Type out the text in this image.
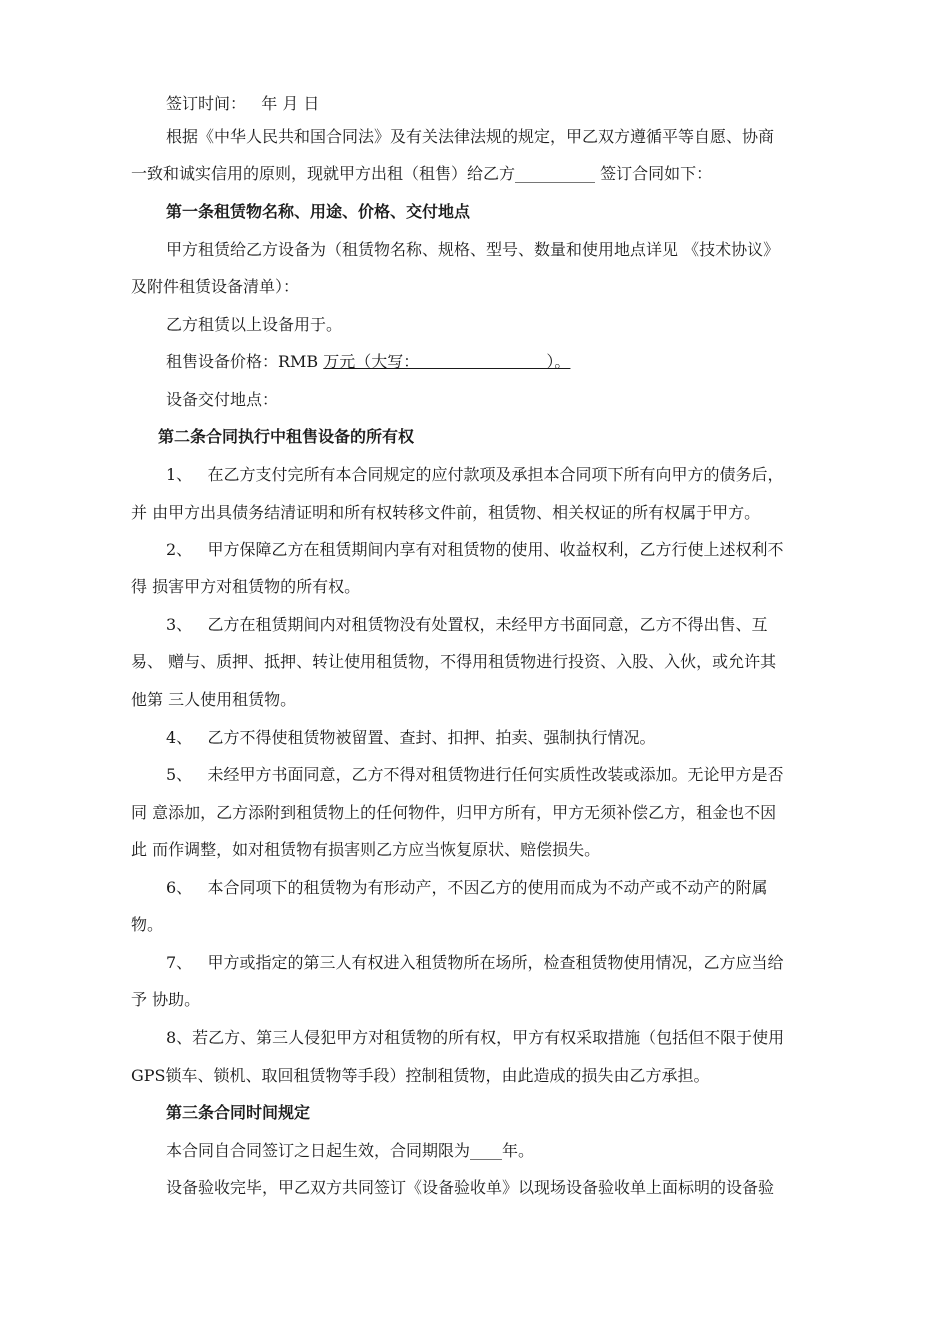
签订时间：   年 月 日
根据《中华人民共和国合同法》及有关法律法规的规定，甲乙双方遵循平等自愿、协商
一致和诚实信用的原则，现就甲方出租（租售）给乙方__________ 签订合同如下：
第一条租赁物名称、用途、价格、交付地点
甲方租赁给乙方设备为（租赁物名称、规格、型号、数量和使用地点详见 《技术协议》
及附件租赁设备清单）：
乙方租赁以上设备用于。
租售设备价格：RMB 万元（大写：                         ）。
设备交付地点：
第二条合同执行中租售设备的所有权
1、   在乙方支付完所有本合同规定的应付款项及承担本合同项下所有向甲方的债务后，
并 由甲方出具债务结清证明和所有权转移文件前，租赁物、相关权证的所有权属于甲方。
2、   甲方保障乙方在租赁期间内享有对租赁物的使用、收益权利，乙方行使上述权利不
得 损害甲方对租赁物的所有权。
3、   乙方在租赁期间内对租赁物没有处置权，未经甲方书面同意，乙方不得出售、互
易、 赠与、质押、抵押、转让使用租赁物，不得用租赁物进行投资、入股、入伙，或允许其
他第 三人使用租赁物。
4、   乙方不得使租赁物被留置、查封、扣押、拍卖、强制执行情况。
5、   未经甲方书面同意，乙方不得对租赁物进行任何实质性改装或添加。无论甲方是否
同 意添加，乙方添附到租赁物上的任何物件，归甲方所有，甲方无须补偿乙方，租金也不因
此 而作调整，如对租赁物有损害则乙方应当恢复原状、赔偿损失。
6、   本合同项下的租赁物为有形动产，不因乙方的使用而成为不动产或不动产的附属
物。
7、   甲方或指定的第三人有权进入租赁物所在场所，检查租赁物使用情况，乙方应当给
予 协助。
8、若乙方、第三人侵犯甲方对租赁物的所有权，甲方有权采取措施（包括但不限于使用
GPS锁车、锁机、取回租赁物等手段）控制租赁物，由此造成的损失由乙方承担。
第三条合同时间规定
本合同自合同签订之日起生效，合同期限为____年。
设备验收完毕，甲乙双方共同签订《设备验收单》以现场设备验收单上面标明的设备验
